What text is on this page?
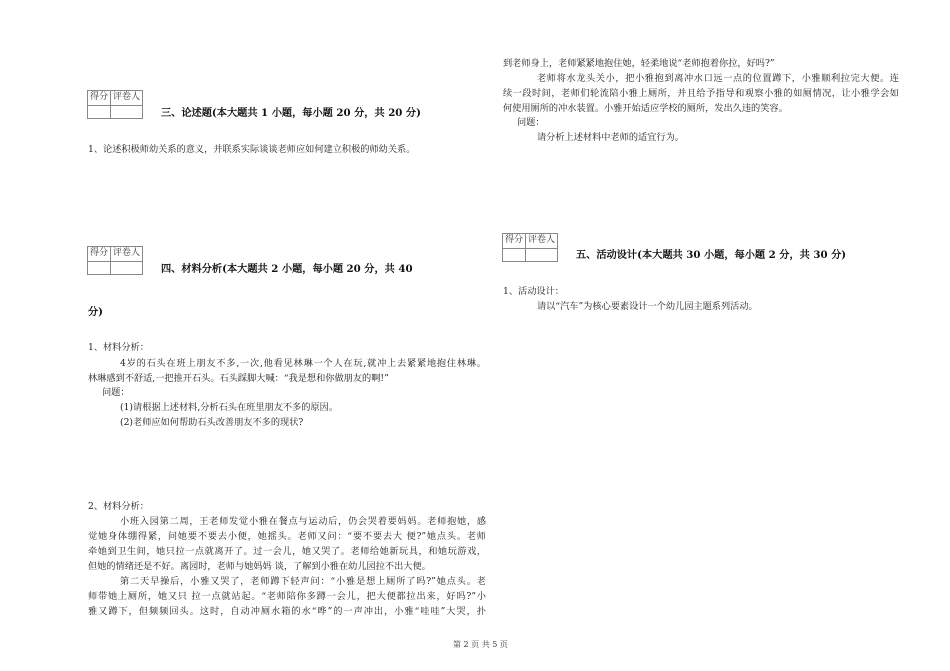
得分	评卷人

三、论述题(本大题共 1 小题，每小题 20 分，共 20 分)
1、论述积极师幼关系的意义，并联系实际谈谈老师应如何建立积极的师幼关系。
得分	评卷人

四、材料分析(本大题共 2 小题，每小题 20 分，共 40
分)
1、材料分析：
4岁的石头在班上朋友不多,一次,他看见林琳一个人在玩,就冲上去紧紧地抱住林琳。
林琳感到不舒适,一把推开石头。石头踩脚大喊：“我是想和你做朋友的啊!”
问题：
(1)请根据上述材料,分析石头在班里朋友不多的原因。
(2)老师应如何帮助石头改善朋友不多的现状?
2、材料分析：
小班入园第二周，王老师发觉小雅在餐点与运动后，仍会哭着要妈妈。老师抱她，感
觉她身体绷得紧，问她要不要去小便，她摇头。老师又问：“要不要去大 便?”她点头。老师
牵她到卫生间，她只拉一点就离开了。过一会儿，她又哭了。老师给她新玩具，和她玩游戏，
但她的情绪还是不好。离园时，老师与她妈妈 谈，了解到小雅在幼儿园拉不出大便。
第二天早操后，小雅又哭了，老师蹲下轻声问：“小雅是想上厕所了吗?”她点头。老
师带她上厕所，她又只 拉一点就站起。“老师陪你多蹲一会儿，把大便都拉出来，好吗?”小
雅又蹲下，但频频回头。这时，自动冲厕水箱的水“哗”的一声冲出，小雅“哇哇”大哭，扑
到老师身上，老师紧紧地抱住她，轻柔地说“老师抱着你拉，好吗?”
老师将水龙头关小，把小雅抱到离冲水口远一点的位置蹲下，小雅顺利拉完大便。连
续一段时间，老师们轮流陪小雅上厕所，并且给予指导和观察小雅的如厕情况，让小雅学会如
何使用厕所的冲水装置。小雅开始适应学校的厕所，发出久违的笑容。
问题：
请分析上述材料中老师的适宜行为。
得分	评卷人

五、活动设计(本大题共 30 小题，每小题 2 分，共 30 分)
1、活动设计：
请以“汽车”为核心要素设计一个幼儿园主题系列活动。
第 2 页 共 5 页
